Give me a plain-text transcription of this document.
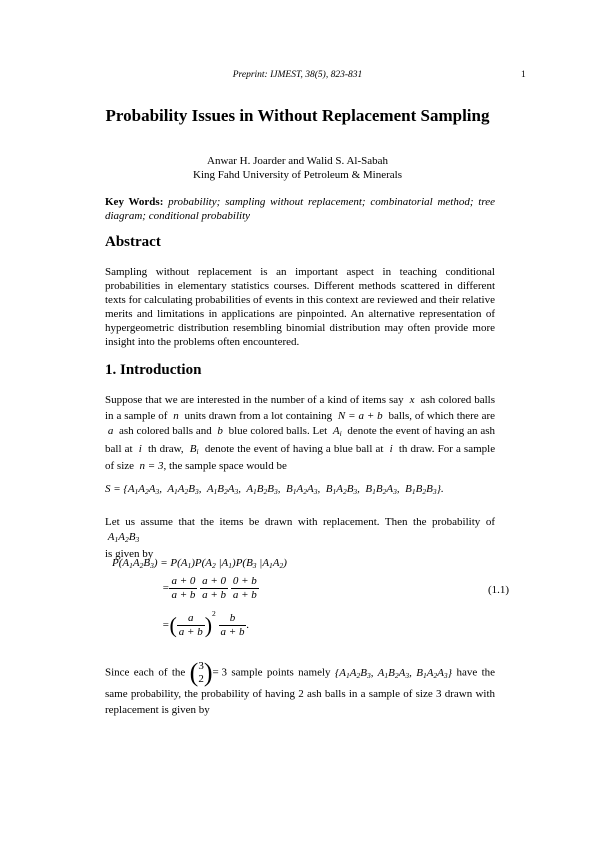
Preprint: IJMEST, 38(5), 823-831	1
Probability Issues in Without Replacement Sampling
Anwar H. Joarder and Walid S. Al-Sabah
King Fahd University of Petroleum & Minerals
Key Words: probability; sampling without replacement; combinatorial method; tree diagram; conditional probability
Abstract
Sampling without replacement is an important aspect in teaching conditional probabilities in elementary statistics courses. Different methods scattered in different texts for calculating probabilities of events in this context are reviewed and their relative merits and limitations in applications are pinpointed. An alternative representation of hypergeometric distribution resembling binomial distribution may often provide more insight into the problems often encountered.
1. Introduction
Suppose that we are interested in the number of a kind of items say  x  ash colored balls in a sample of  n  units drawn from a lot containing  N = a + b  balls, of which there are  a  ash colored balls and  b  blue colored balls. Let  $A_i$ denote the event of having an ash ball at  i  th draw,  $B_i$ denote the event of having a blue ball at  i  th draw. For a sample of size  n = 3, the sample space would be
$S = \{A_1A_2A_3$,  $A_1A_2B_3$,  $A_1B_2A_3$,  $A_1B_2B_3$,  $B_1A_2A_3$,  $B_1A_2B_3$,  $B_1B_2A_3$,  $B_1B_2B_3$}.
Let us assume that the items be drawn with replacement. Then the probability of  $A_1A_2B_3$
is given by
$P(A_1A_2B_3) = P(A_1)P(A_2$ $|A_1)P(B_3$ $|A_1A_2$)
= $\frac{a + 0}{a + b}$
$\frac{a + 0}{a + b}$
$\frac{0 + b}{a + b}$
=( $\frac{a}{a + b} )^2 \frac{b}{a + b}$ .
(1.1)
Since each of the (3
2)= 3 sample points namely {$A_1A_2B_3$, $A_1B_2A_3$, $B_1A_2A_3$} have the same probability, the probability of having 2 ash balls in a sample of size 3 drawn with replacement is given by
